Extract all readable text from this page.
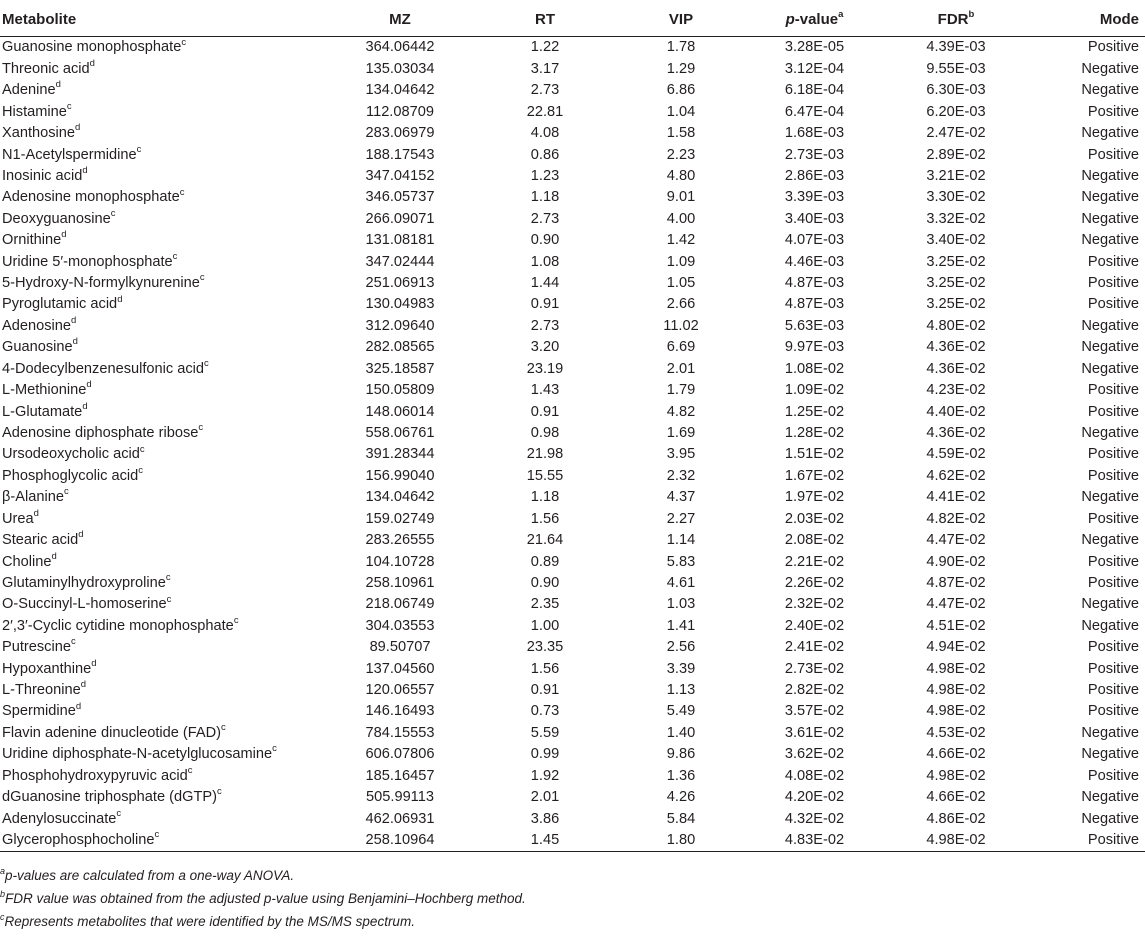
Metabolite	MZ	RT	VIP	p-value$^a$	FDR$^b$	Mode
Guanosine monophosphate$^c$	364.06442	1.22	1.78	3.28E-05	4.39E-03	Positive
Threonic acid$^d$	135.03034	3.17	1.29	3.12E-04	9.55E-03	Negative
Adenine$^d$	134.04642	2.73	6.86	6.18E-04	6.30E-03	Negative
Histamine$^c$	112.08709	22.81	1.04	6.47E-04	6.20E-03	Positive
Xanthosine$^d$	283.06979	4.08	1.58	1.68E-03	2.47E-02	Negative
N1-Acetylspermidine$^c$	188.17543	0.86	2.23	2.73E-03	2.89E-02	Positive
Inosinic acid$^d$	347.04152	1.23	4.80	2.86E-03	3.21E-02	Negative
Adenosine monophosphate$^c$	346.05737	1.18	9.01	3.39E-03	3.30E-02	Negative
Deoxyguanosine$^c$	266.09071	2.73	4.00	3.40E-03	3.32E-02	Negative
Ornithine$^d$	131.08181	0.90	1.42	4.07E-03	3.40E-02	Negative
Uridine 5′-monophosphate$^c$	347.02444	1.08	1.09	4.46E-03	3.25E-02	Positive
5-Hydroxy-N-formylkynurenine$^c$	251.06913	1.44	1.05	4.87E-03	3.25E-02	Positive
Pyroglutamic acid$^d$	130.04983	0.91	2.66	4.87E-03	3.25E-02	Positive
Adenosine$^d$	312.09640	2.73	11.02	5.63E-03	4.80E-02	Negative
Guanosine$^d$	282.08565	3.20	6.69	9.97E-03	4.36E-02	Negative
4-Dodecylbenzenesulfonic acid$^c$	325.18587	23.19	2.01	1.08E-02	4.36E-02	Negative
L-Methionine$^d$	150.05809	1.43	1.79	1.09E-02	4.23E-02	Positive
L-Glutamate$^d$	148.06014	0.91	4.82	1.25E-02	4.40E-02	Positive
Adenosine diphosphate ribose$^c$	558.06761	0.98	1.69	1.28E-02	4.36E-02	Negative
Ursodeoxycholic acid$^c$	391.28344	21.98	3.95	1.51E-02	4.59E-02	Positive
Phosphoglycolic acid$^c$	156.99040	15.55	2.32	1.67E-02	4.62E-02	Positive
β-Alanine$^c$	134.04642	1.18	4.37	1.97E-02	4.41E-02	Negative
Urea$^d$	159.02749	1.56	2.27	2.03E-02	4.82E-02	Positive
Stearic acid$^d$	283.26555	21.64	1.14	2.08E-02	4.47E-02	Negative
Choline$^d$	104.10728	0.89	5.83	2.21E-02	4.90E-02	Positive
Glutaminylhydroxyproline$^c$	258.10961	0.90	4.61	2.26E-02	4.87E-02	Positive
O-Succinyl-L-homoserine$^c$	218.06749	2.35	1.03	2.32E-02	4.47E-02	Negative
2′,3′-Cyclic cytidine monophosphate$^c$	304.03553	1.00	1.41	2.40E-02	4.51E-02	Negative
Putrescine$^c$	89.50707	23.35	2.56	2.41E-02	4.94E-02	Positive
Hypoxanthine$^d$	137.04560	1.56	3.39	2.73E-02	4.98E-02	Positive
L-Threonine$^d$	120.06557	0.91	1.13	2.82E-02	4.98E-02	Positive
Spermidine$^d$	146.16493	0.73	5.49	3.57E-02	4.98E-02	Positive
Flavin adenine dinucleotide (FAD)$^c$	784.15553	5.59	1.40	3.61E-02	4.53E-02	Negative
Uridine diphosphate-N-acetylglucosamine$^c$	606.07806	0.99	9.86	3.62E-02	4.66E-02	Negative
Phosphohydroxypyruvic acid$^c$	185.16457	1.92	1.36	4.08E-02	4.98E-02	Positive
dGuanosine triphosphate (dGTP)$^c$	505.99113	2.01	4.26	4.20E-02	4.66E-02	Negative
Adenylosuccinate$^c$	462.06931	3.86	5.84	4.32E-02	4.86E-02	Negative
Glycerophosphocholine$^c$	258.10964	1.45	1.80	4.83E-02	4.98E-02	Positive
$^a$p-values are calculated from a one-way ANOVA.
$^b$FDR value was obtained from the adjusted p-value using Benjamini–Hochberg method.
$^c$Represents metabolites that were identified by the MS/MS spectrum.
